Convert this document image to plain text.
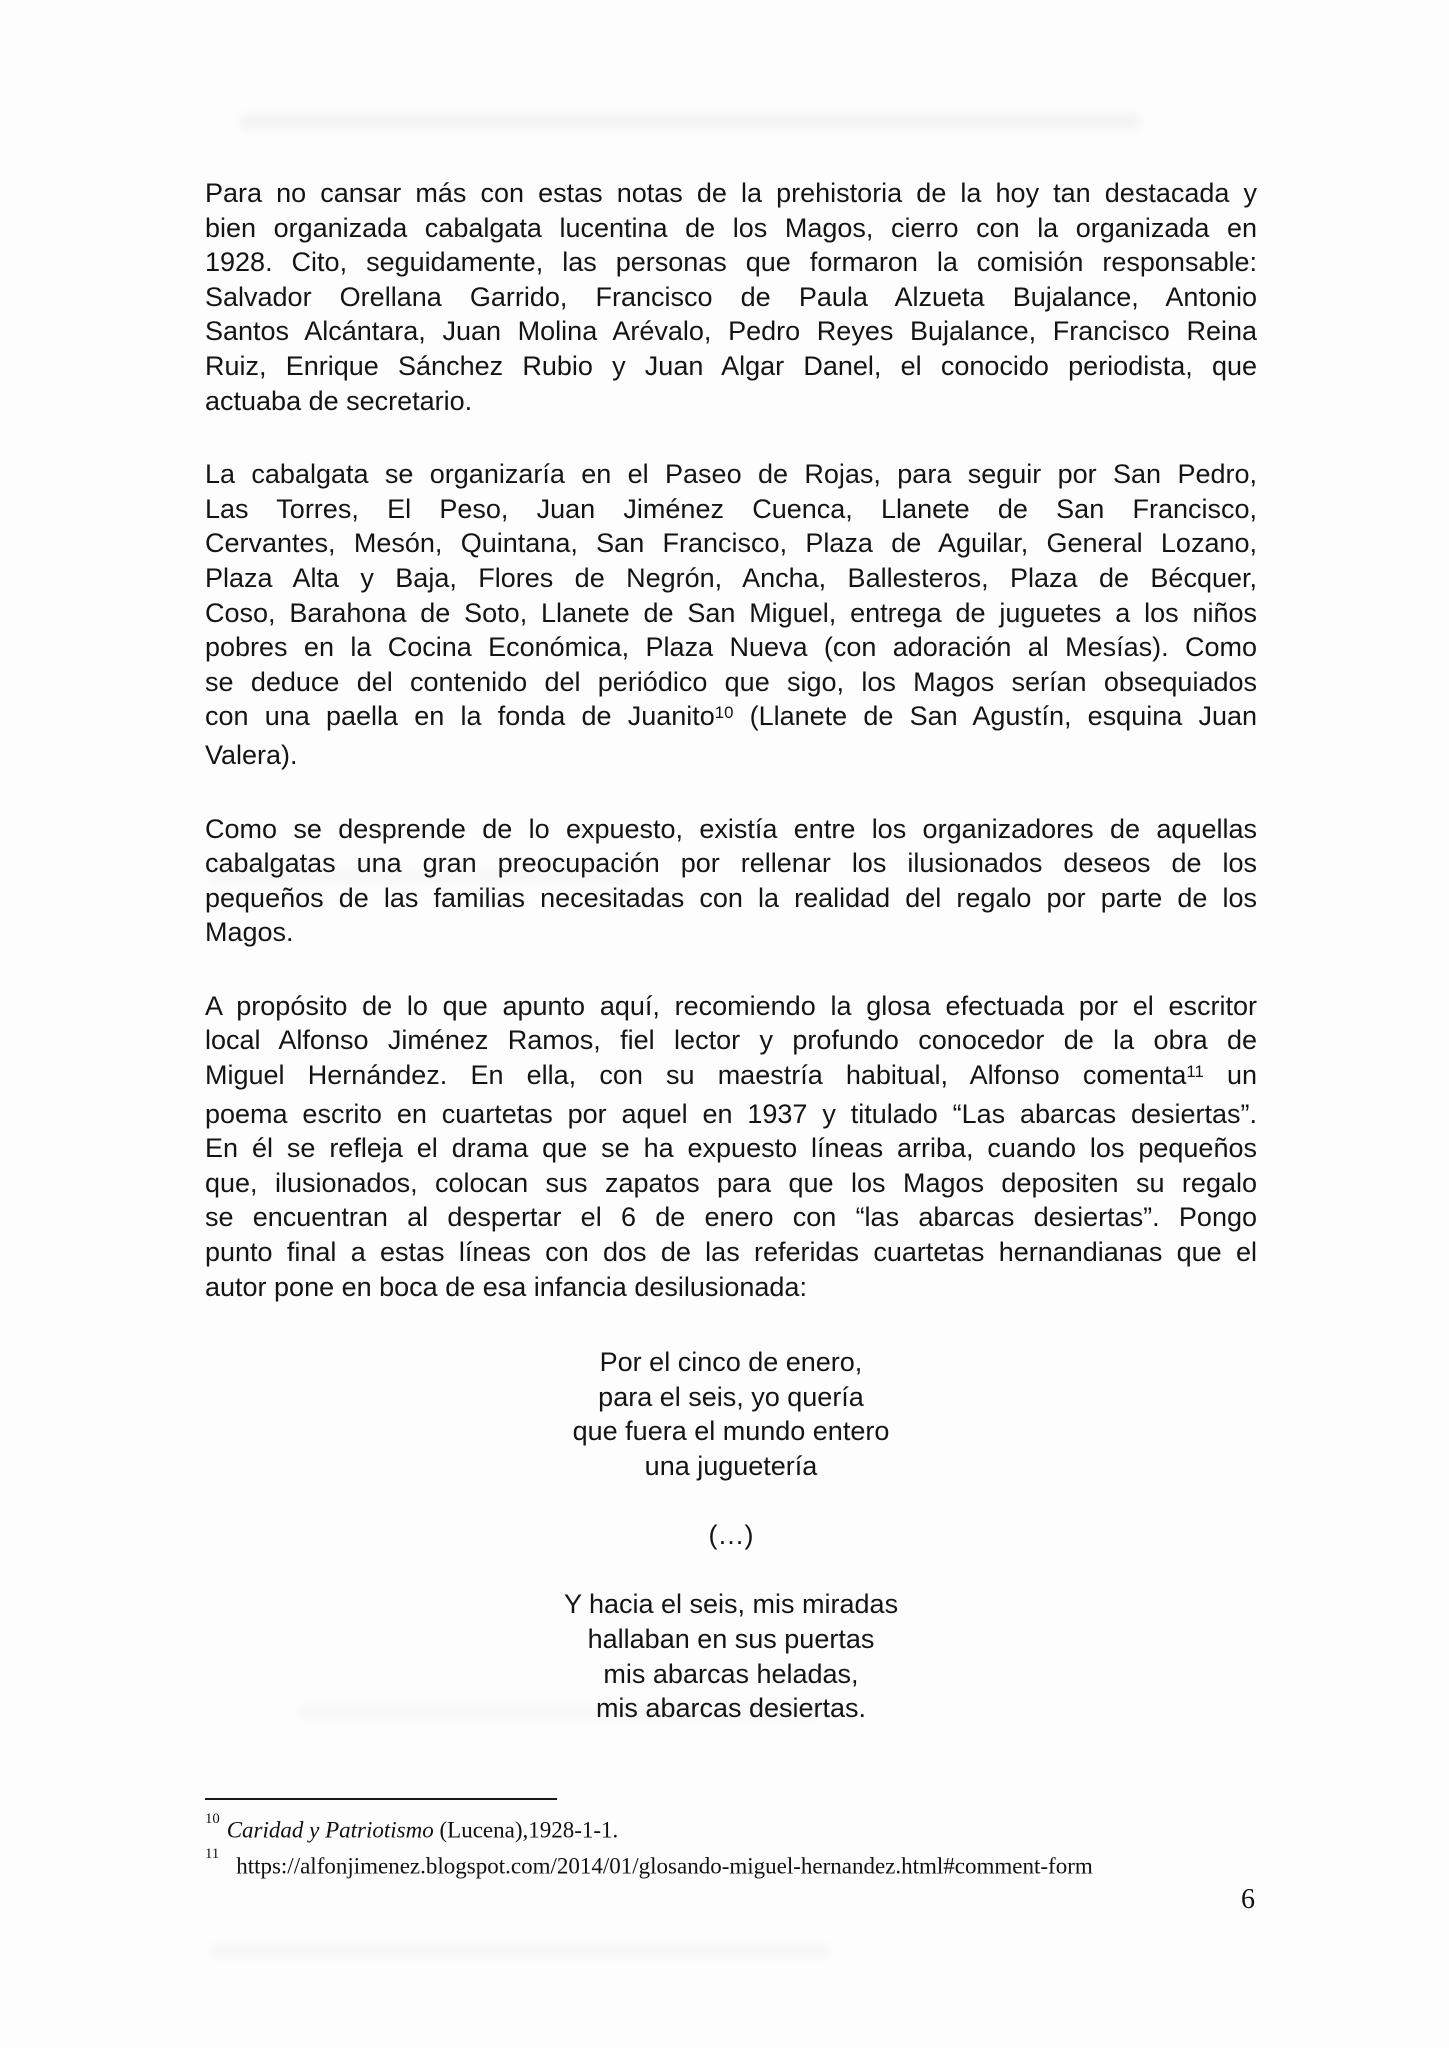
Para no cansar más con estas notas de la prehistoria de la hoy tan destacada y
bien organizada cabalgata lucentina de los Magos, cierro con la organizada en
1928. Cito, seguidamente, las personas que formaron la comisión responsable:
Salvador Orellana Garrido, Francisco de Paula Alzueta Bujalance, Antonio
Santos Alcántara, Juan Molina Arévalo, Pedro Reyes Bujalance, Francisco Reina
Ruiz, Enrique Sánchez Rubio y Juan Algar Danel, el conocido periodista, que
actuaba de secretario.
La cabalgata se organizaría en el Paseo de Rojas, para seguir por San Pedro,
Las Torres, El Peso, Juan Jiménez Cuenca, Llanete de San Francisco,
Cervantes, Mesón, Quintana, San Francisco, Plaza de Aguilar, General Lozano,
Plaza Alta y Baja, Flores de Negrón, Ancha, Ballesteros, Plaza de Bécquer,
Coso, Barahona de Soto, Llanete de San Miguel, entrega de juguetes a los niños
pobres en la Cocina Económica, Plaza Nueva (con adoración al Mesías). Como
se deduce del contenido del periódico que sigo, los Magos serían obsequiados
con una paella en la fonda de Juanito$^{10}$ (Llanete de San Agustín, esquina Juan
Valera).
Como se desprende de lo expuesto, existía entre los organizadores de aquellas
cabalgatas una gran preocupación por rellenar los ilusionados deseos de los
pequeños de las familias necesitadas con la realidad del regalo por parte de los
Magos.
A propósito de lo que apunto aquí, recomiendo la glosa efectuada por el escritor
local Alfonso Jiménez Ramos, fiel lector y profundo conocedor de la obra de
Miguel Hernández. En ella, con su maestría habitual, Alfonso comenta$^{11}$ un
poema escrito en cuartetas por aquel en 1937 y titulado “Las abarcas desiertas”.
En él se refleja el drama que se ha expuesto líneas arriba, cuando los pequeños
que, ilusionados, colocan sus zapatos para que los Magos depositen su regalo
se encuentran al despertar el 6 de enero con “las abarcas desiertas”. Pongo
punto final a estas líneas con dos de las referidas cuartetas hernandianas que el
autor pone en boca de esa infancia desilusionada:
Por el cinco de enero,
para el seis, yo quería
que fuera el mundo entero
una juguetería
(…)
Y hacia el seis, mis miradas
hallaban en sus puertas
mis abarcas heladas,
mis abarcas desiertas.
$^{10}$ Caridad y Patriotismo (Lucena),1928-1-1.
$^{11}$ https://alfonjimenez.blogspot.com/2014/01/glosando-miguel-hernandez.html#comment-form
6
